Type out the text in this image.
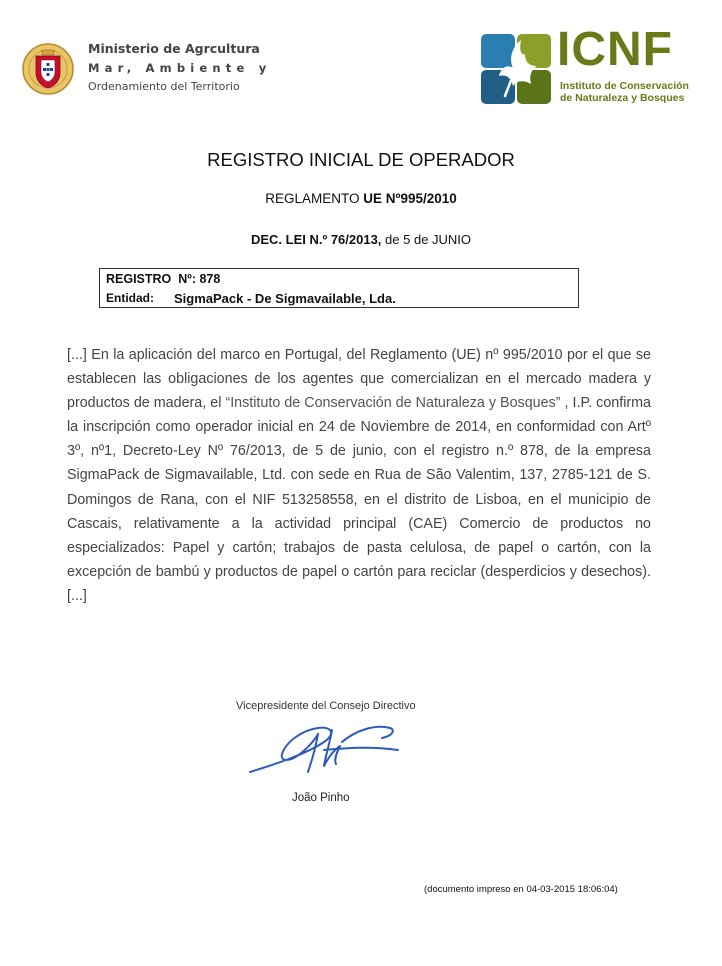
Ministerio de Agrcultura
Mar, Ambiente y
Ordenamiento del Territorio
ICNF
Instituto de Conservación
de Naturaleza y Bosques
REGISTRO INICIAL DE OPERADOR
REGLAMENTO UE Nº995/2010
DEC. LEI N.º 76/2013, de 5 de JUNIO
REGISTRO  Nº: 878
Entidad: SigmaPack - De Sigmavailable, Lda.
[...] En la aplicación del marco en Portugal, del Reglamento (UE) nº 995/2010 por el que se establecen las obligaciones de los agentes que comercializan en el mercado madera y productos de madera, el “Instituto de Conservación de Naturaleza y Bosques” , I.P. confirma la inscripción como operador inicial en 24 de Noviembre de 2014, en conformidad con Artº 3º, nº1, Decreto-Ley Nº 76/2013, de 5 de junio, con el registro n.º 878, de la empresa SigmaPack de Sigmavailable, Ltd. con sede en Rua de São Valentim, 137, 2785-121 de S. Domingos de Rana, con el NIF 513258558, en el distrito de Lisboa, en el municipio de Cascais, relativamente a la actividad principal (CAE) Comercio de productos no especializados: Papel y cartón; trabajos de pasta celulosa, de papel o cartón, con la excepción de bambú y productos de papel o cartón para reciclar (desperdicios y desechos). [...]
Vicepresidente del Consejo Directivo
João Pinho
(documento impreso en 04-03-2015 18:06:04)
